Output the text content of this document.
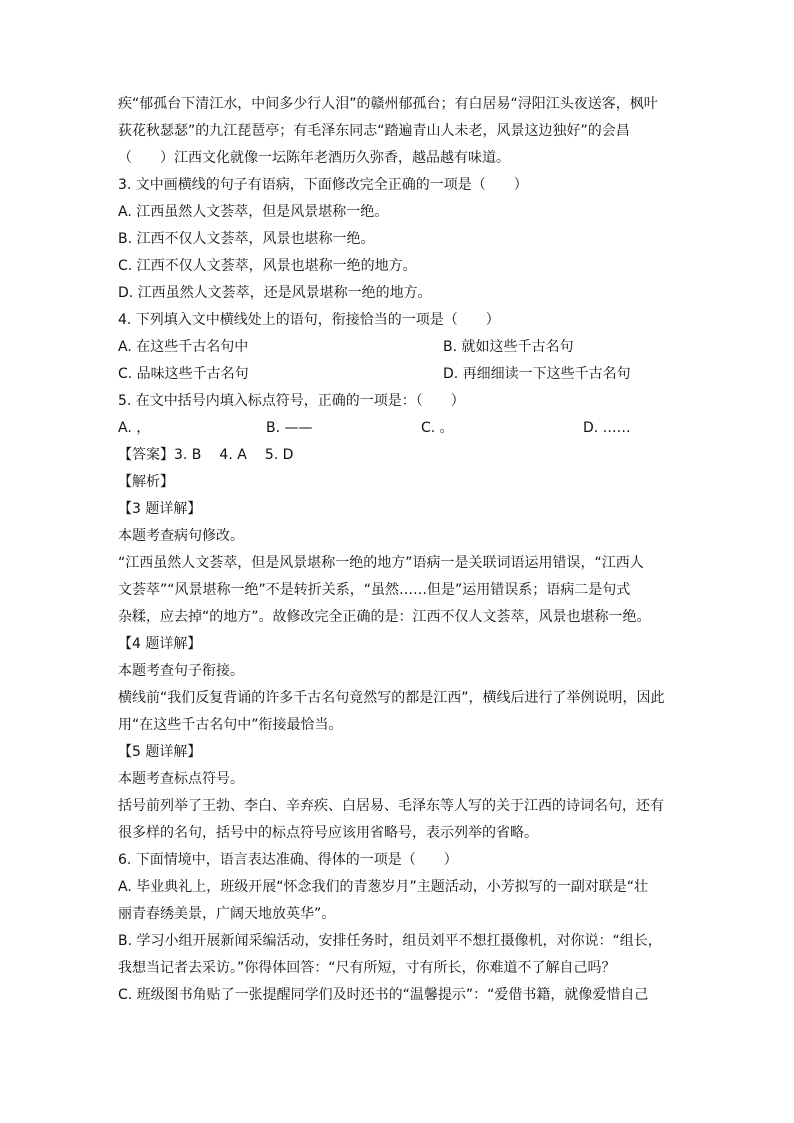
疾“郁孤台下清江水，中间多少行人泪”的赣州郁孤台；有白居易“浔阳江头夜送客，枫叶
荻花秋瑟瑟”的九江琵琶亭；有毛泽东同志“踏遍青山人未老，风景这边独好”的会昌
（　　）江西文化就像一坛陈年老酒历久弥香，越品越有味道。
3. 文中画横线的句子有语病，下面修改完全正确的一项是（　　）
A. 江西虽然人文荟萃，但是风景堪称一绝。
B. 江西不仅人文荟萃，风景也堪称一绝。
C. 江西不仅人文荟萃，风景也堪称一绝的地方。
D. 江西虽然人文荟萃，还是风景堪称一绝的地方。
4. 下列填入文中横线处上的语句，衔接恰当的一项是（　　）
A. 在这些千古名句中	B. 就如这些千古名句
C. 品味这些千古名句	D. 再细细读一下这些千古名句
5. 在文中括号内填入标点符号，正确的一项是：（　　）
A. ，	B. ——	C. 。	D. ……
【答案】3. B 4. A 5. D
【解析】
【3 题详解】
本题考查病句修改。
“江西虽然人文荟萃，但是风景堪称一绝的地方”语病一是关联词语运用错误，“江西人
文荟萃”“风景堪称一绝”不是转折关系，“虽然……但是”运用错误系；语病二是句式
杂糅，应去掉“的地方”。故修改完全正确的是：江西不仅人文荟萃，风景也堪称一绝。
【4 题详解】
本题考查句子衔接。
横线前“我们反复背诵的许多千古名句竟然写的都是江西”，横线后进行了举例说明，因此
用“在这些千古名句中”衔接最恰当。
【5 题详解】
本题考查标点符号。
括号前列举了王勃、李白、辛弃疾、白居易、毛泽东等人写的关于江西的诗词名句，还有
很多样的名句，括号中的标点符号应该用省略号，表示列举的省略。
6. 下面情境中，语言表达准确、得体的一项是（　　）
A. 毕业典礼上，班级开展“怀念我们的青葱岁月”主题活动，小芳拟写的一副对联是“壮
丽青春绣美景，广阔天地放英华”。
B. 学习小组开展新闻采编活动，安排任务时，组员刘平不想扛摄像机，对你说：“组长，
我想当记者去采访。”你得体回答：“尺有所短，寸有所长，你难道不了解自己吗？
C. 班级图书角贴了一张提醒同学们及时还书的“温馨提示”：“爱借书籍，就像爱惜自己
